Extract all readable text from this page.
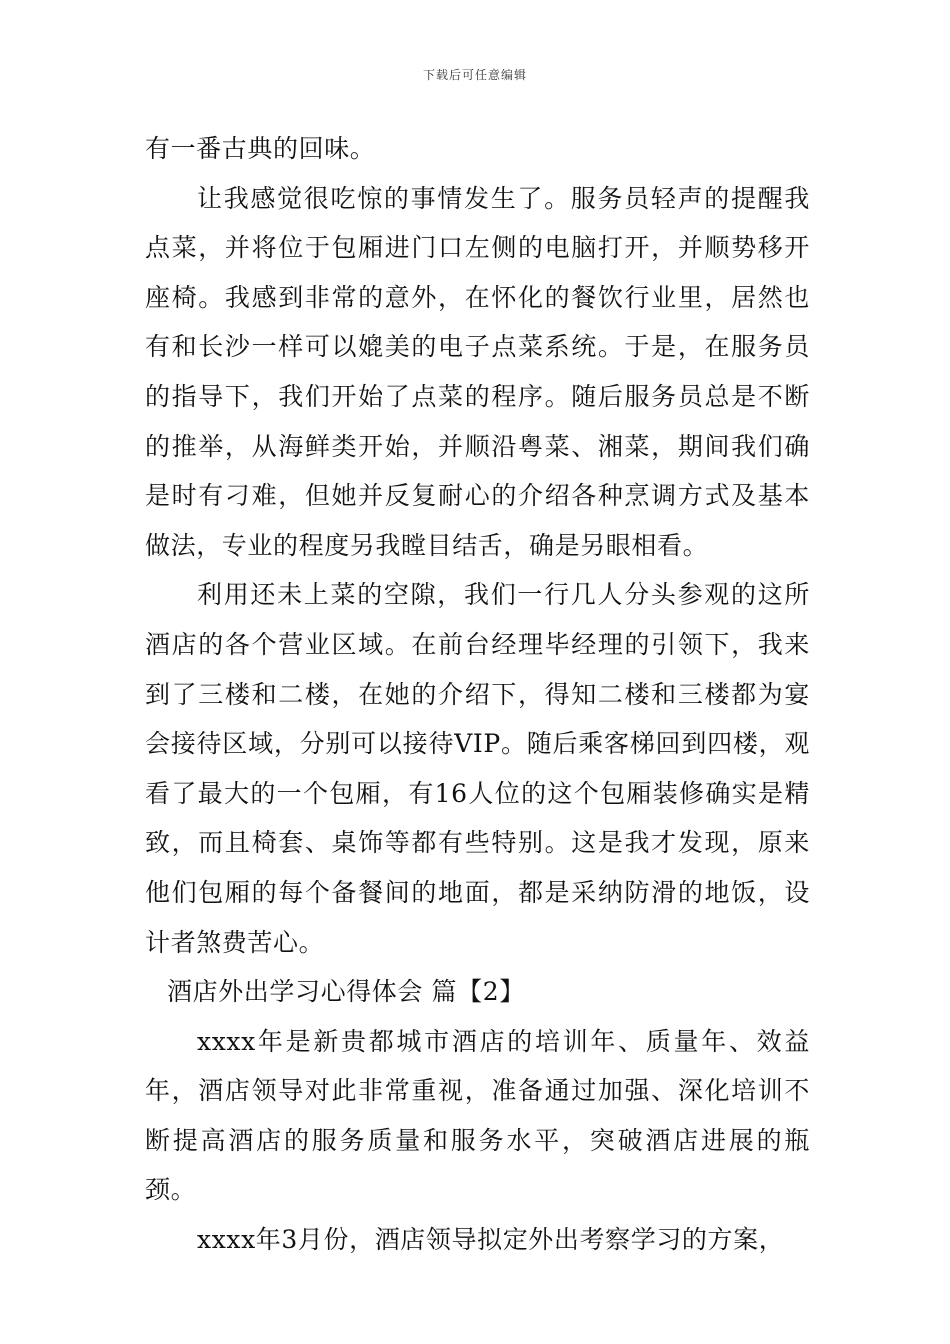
下载后可任意编辑

有一番古典的回味。

让我感觉很吃惊的事情发生了。服务员轻声的提醒我点菜，并将位于包厢进门口左侧的电脑打开，并顺势移开座椅。我感到非常的意外，在怀化的餐饮行业里，居然也有和长沙一样可以媲美的电子点菜系统。于是，在服务员的指导下，我们开始了点菜的程序。随后服务员总是不断的推举，从海鲜类开始，并顺沿粤菜、湘菜，期间我们确是时有刁难，但她并反复耐心的介绍各种烹调方式及基本做法，专业的程度另我瞠目结舌，确是另眼相看。

利用还未上菜的空隙，我们一行几人分头参观的这所酒店的各个营业区域。在前台经理毕经理的引领下，我来到了三楼和二楼，在她的介绍下，得知二楼和三楼都为宴会接待区域，分别可以接待VIP。随后乘客梯回到四楼，观看了最大的一个包厢，有16人位的这个包厢装修确实是精致，而且椅套、桌饰等都有些特别。这是我才发现，原来他们包厢的每个备餐间的地面，都是采纳防滑的地饭，设计者煞费苦心。

酒店外出学习心得体会 篇【2】

xxxx年是新贵都城市酒店的培训年、质量年、效益年，酒店领导对此非常重视，准备通过加强、深化培训不断提高酒店的服务质量和服务水平，突破酒店进展的瓶颈。

xxxx年3月份，酒店领导拟定外出考察学习的方案，
